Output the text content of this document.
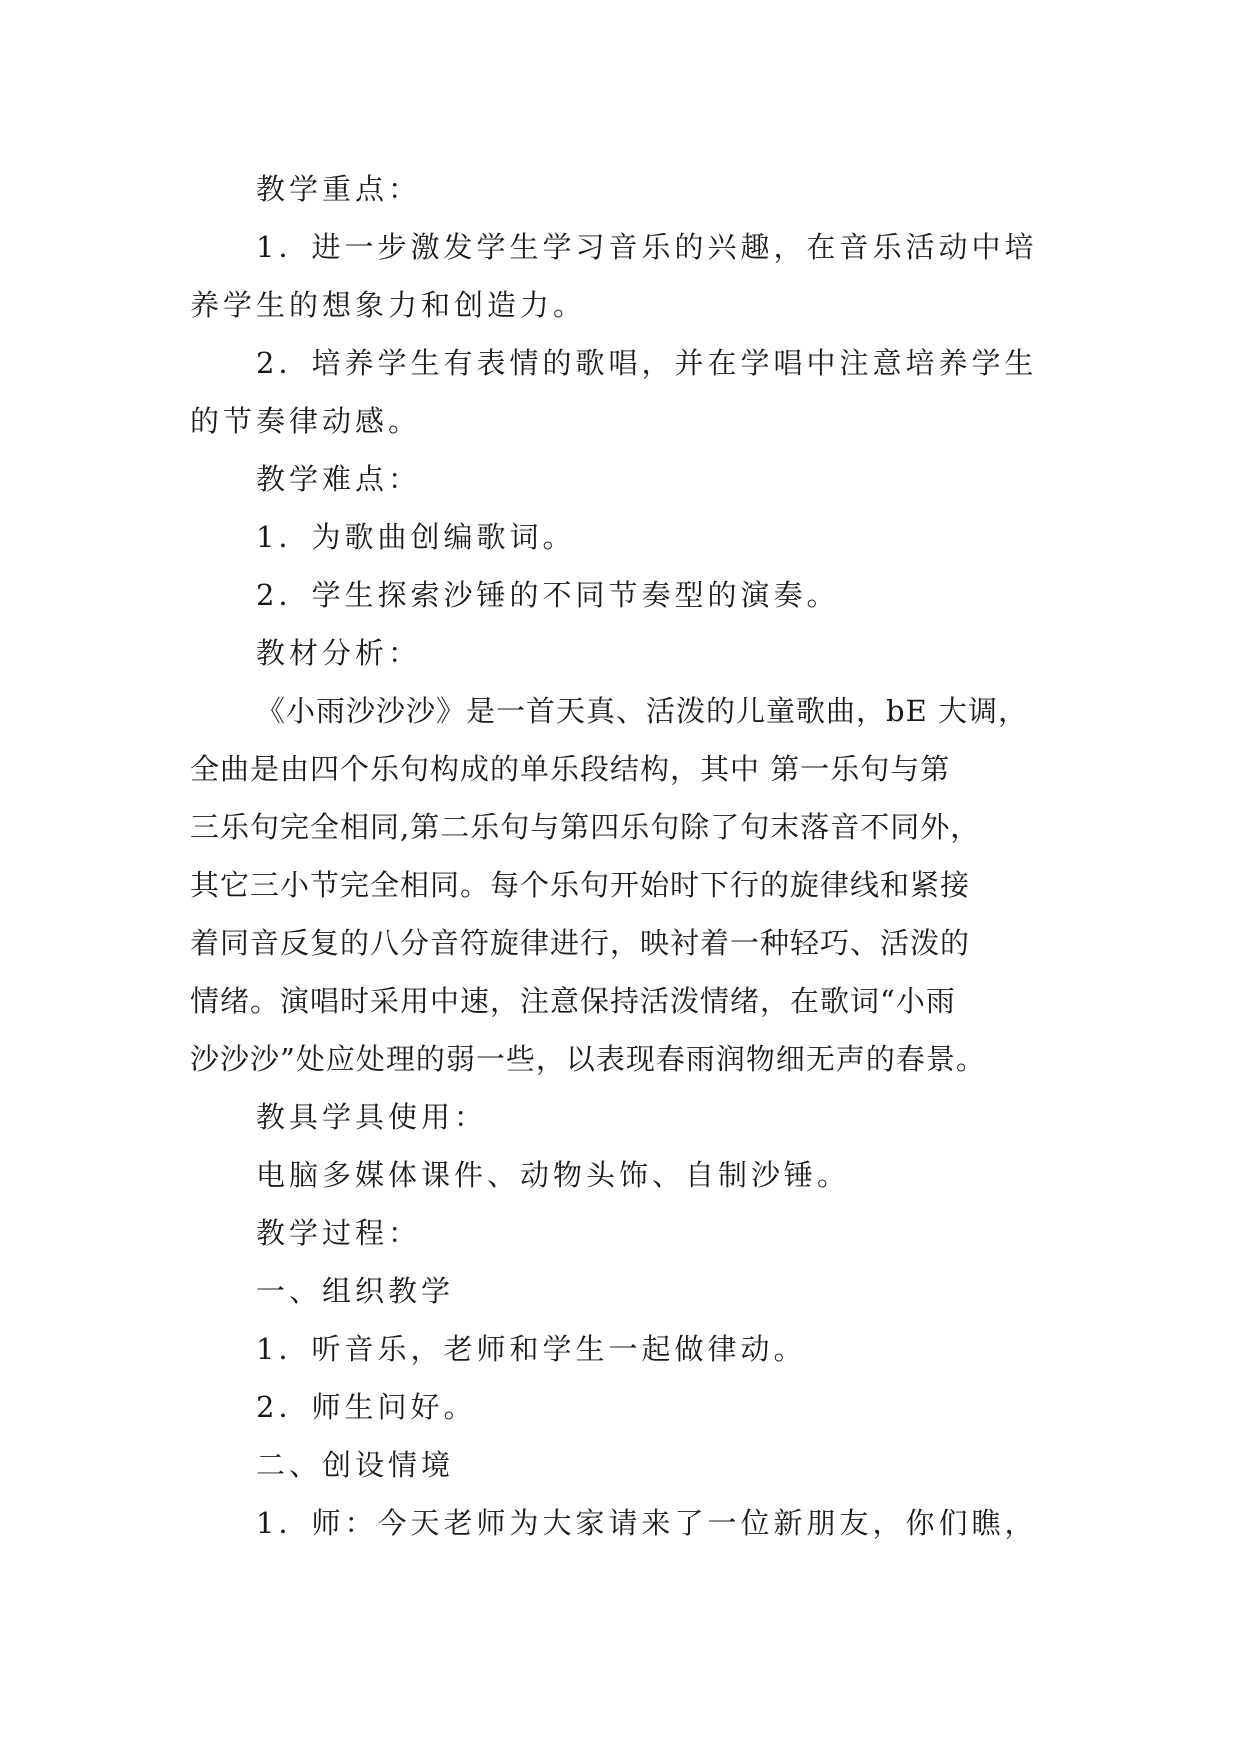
教学重点：
1．进一步激发学生学习音乐的兴趣，在音乐活动中培
养学生的想象力和创造力。
2．培养学生有表情的歌唱，并在学唱中注意培养学生
的节奏律动感。
教学难点：
1．为歌曲创编歌词。
2．学生探索沙锤的不同节奏型的演奏。
教材分析：
《小雨沙沙沙》是一首天真、活泼的儿童歌曲，bE 大调，
全曲是由四个乐句构成的单乐段结构，其中 第一乐句与第
三乐句完全相同,第二乐句与第四乐句除了句末落音不同外，
其它三小节完全相同。每个乐句开始时下行的旋律线和紧接
着同音反复的八分音符旋律进行，映衬着一种轻巧、活泼的
情绪。演唱时采用中速，注意保持活泼情绪，在歌词“小雨
沙沙沙”处应处理的弱一些，以表现春雨润物细无声的春景。
教具学具使用：
电脑多媒体课件、动物头饰、自制沙锤。
教学过程：
一、组织教学
1．听音乐，老师和学生一起做律动。
2．师生问好。
二、创设情境
1．师：今天老师为大家请来了一位新朋友，你们瞧，
